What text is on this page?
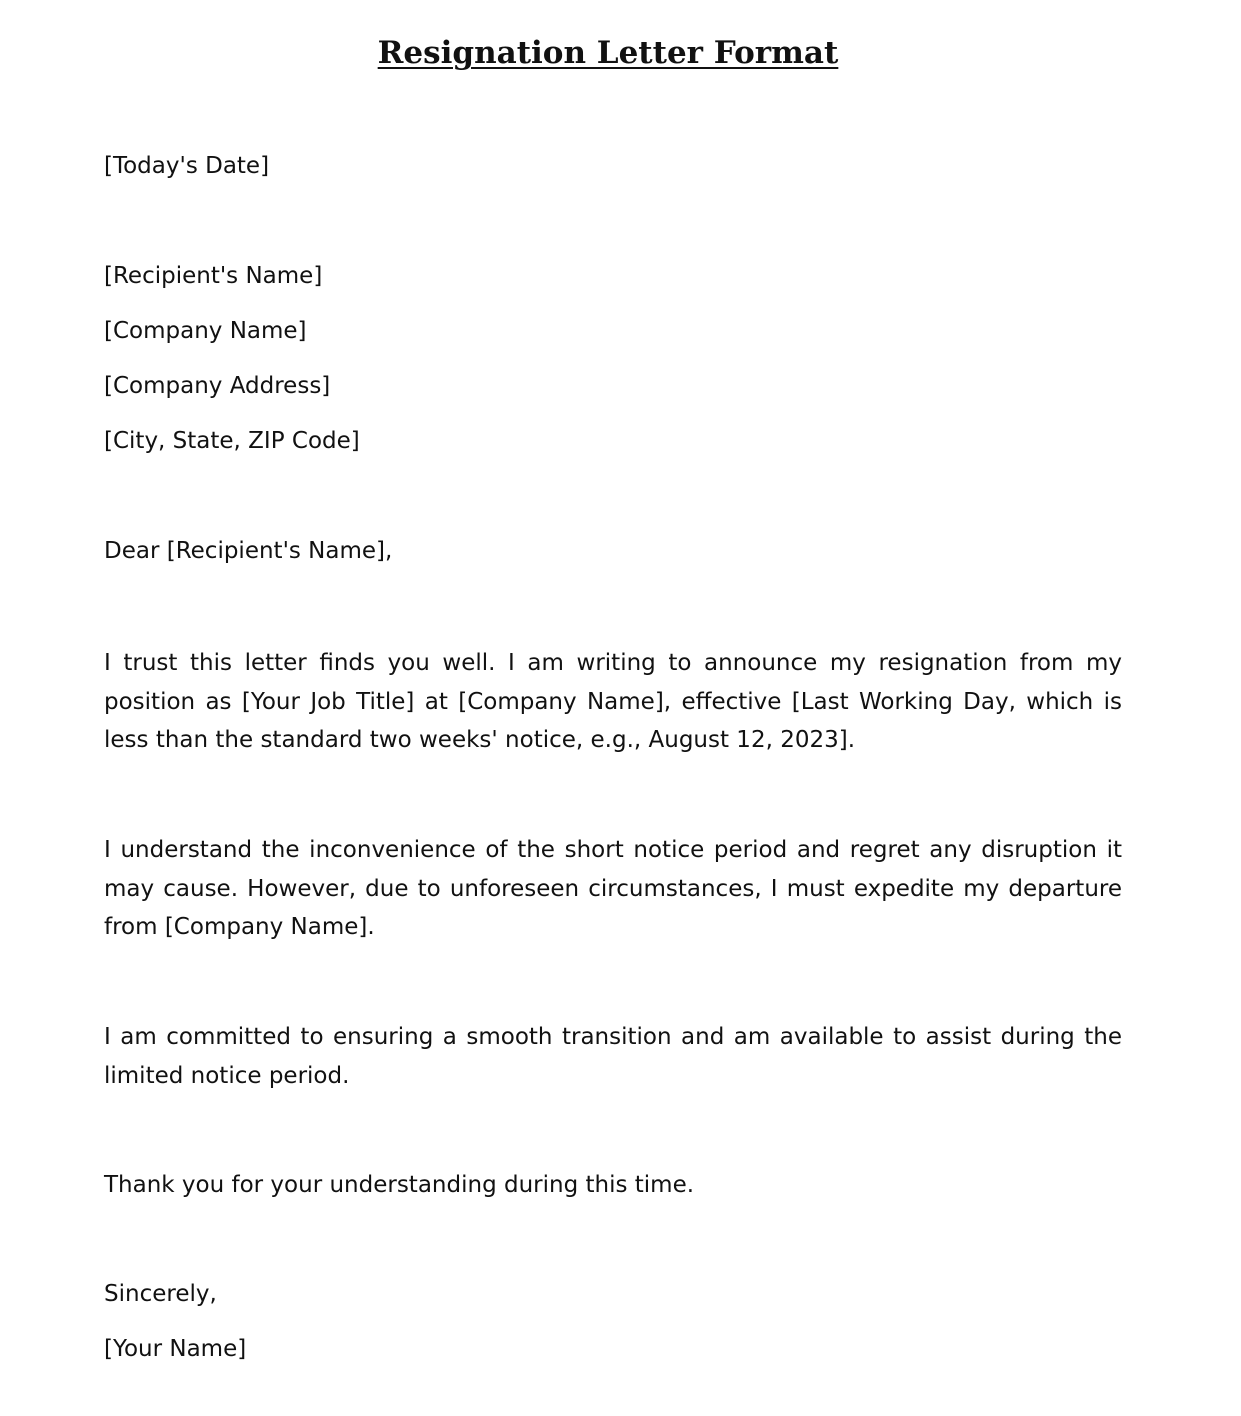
Resignation Letter Format
[Today's Date]
[Recipient's Name]
[Company Name]
[Company Address]
[City, State, ZIP Code]
Dear [Recipient's Name],

I trust this letter finds you well. I am writing to announce my resignation from my position as [Your Job Title] at [Company Name], effective [Last Working Day, which is less than the standard two weeks' notice, e.g., August 12, 2023].

I understand the inconvenience of the short notice period and regret any disruption it may cause. However, due to unforeseen circumstances, I must expedite my departure from [Company Name].

I am committed to ensuring a smooth transition and am available to assist during the limited notice period.

Thank you for your understanding during this time.

Sincerely,
[Your Name]
